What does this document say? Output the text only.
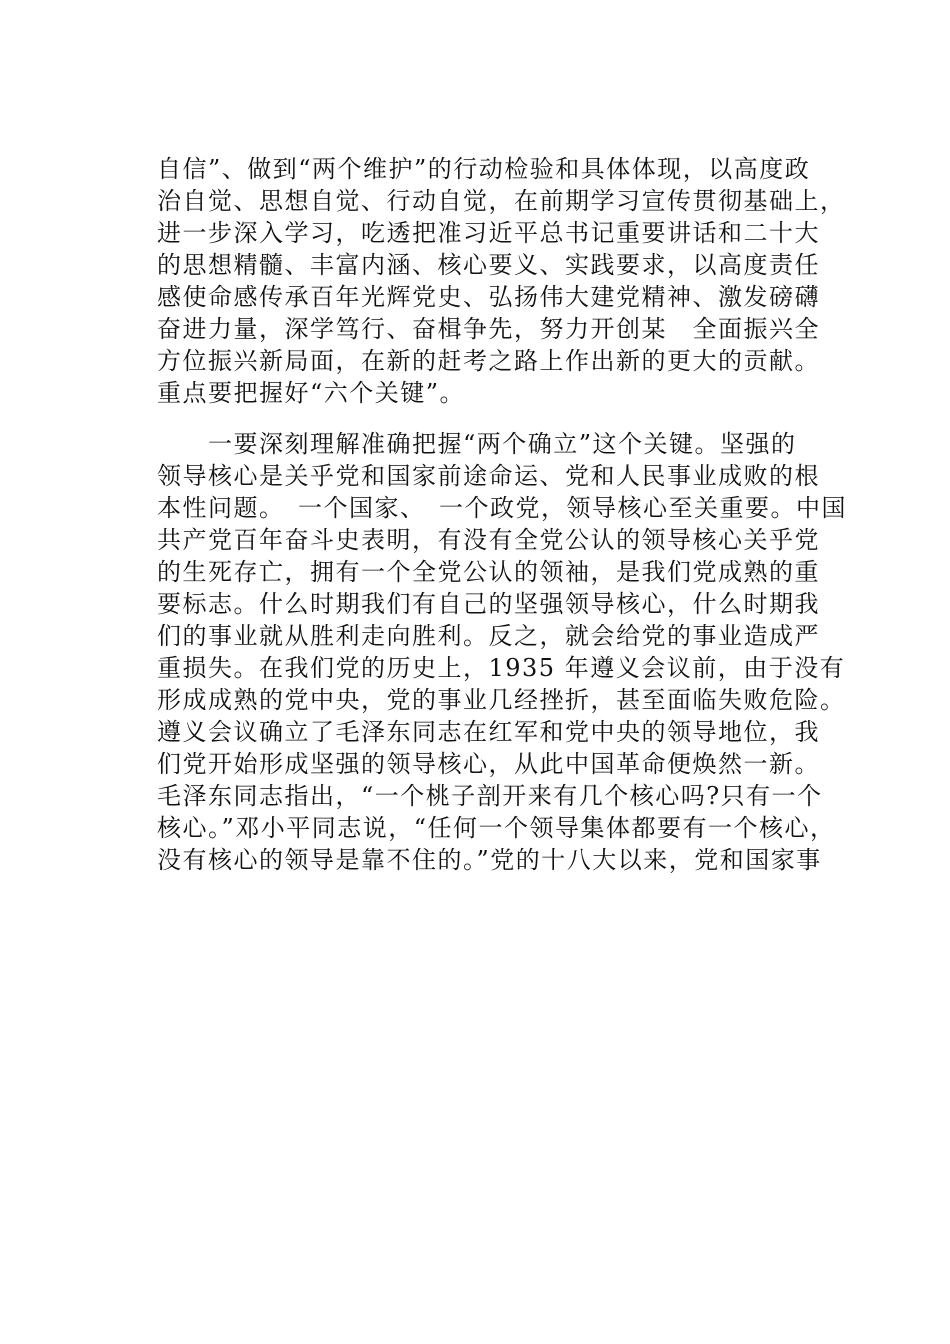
自信”、做到“两个维护”的行动检验和具体体现，以高度政
治自觉、思想自觉、行动自觉，在前期学习宣传贯彻基础上，
进一步深入学习，吃透把准习近平总书记重要讲话和二十大
的思想精髓、丰富内涵、核心要义、实践要求，以高度责任
感使命感传承百年光辉党史、弘扬伟大建党精神、激发磅礴
奋进力量，深学笃行、奋楫争先，努力开创某　全面振兴全
方位振兴新局面，在新的赶考之路上作出新的更大的贡献。
重点要把握好“六个关键”。
　　一要深刻理解准确把握“两个确立”这个关键。坚强的
领导核心是关乎党和国家前途命运、党和人民事业成败的根
本性问题。　一个国家、　一个政党，领导核心至关重要。中国
共产党百年奋斗史表明，有没有全党公认的领导核心关乎党
的生死存亡，拥有一个全党公认的领袖，是我们党成熟的重
要标志。什么时期我们有自己的坚强领导核心，什么时期我
们的事业就从胜利走向胜利。反之，就会给党的事业造成严
重损失。在我们党的历史上，1935 年遵义会议前，由于没有
形成成熟的党中央，党的事业几经挫折，甚至面临失败危险。
遵义会议确立了毛泽东同志在红军和党中央的领导地位，我
们党开始形成坚强的领导核心，从此中国革命便焕然一新。
毛泽东同志指出，“一个桃子剖开来有几个核心吗?只有一个
核心。”邓小平同志说，“任何一个领导集体都要有一个核心，
没有核心的领导是靠不住的。”党的十八大以来，党和国家事
